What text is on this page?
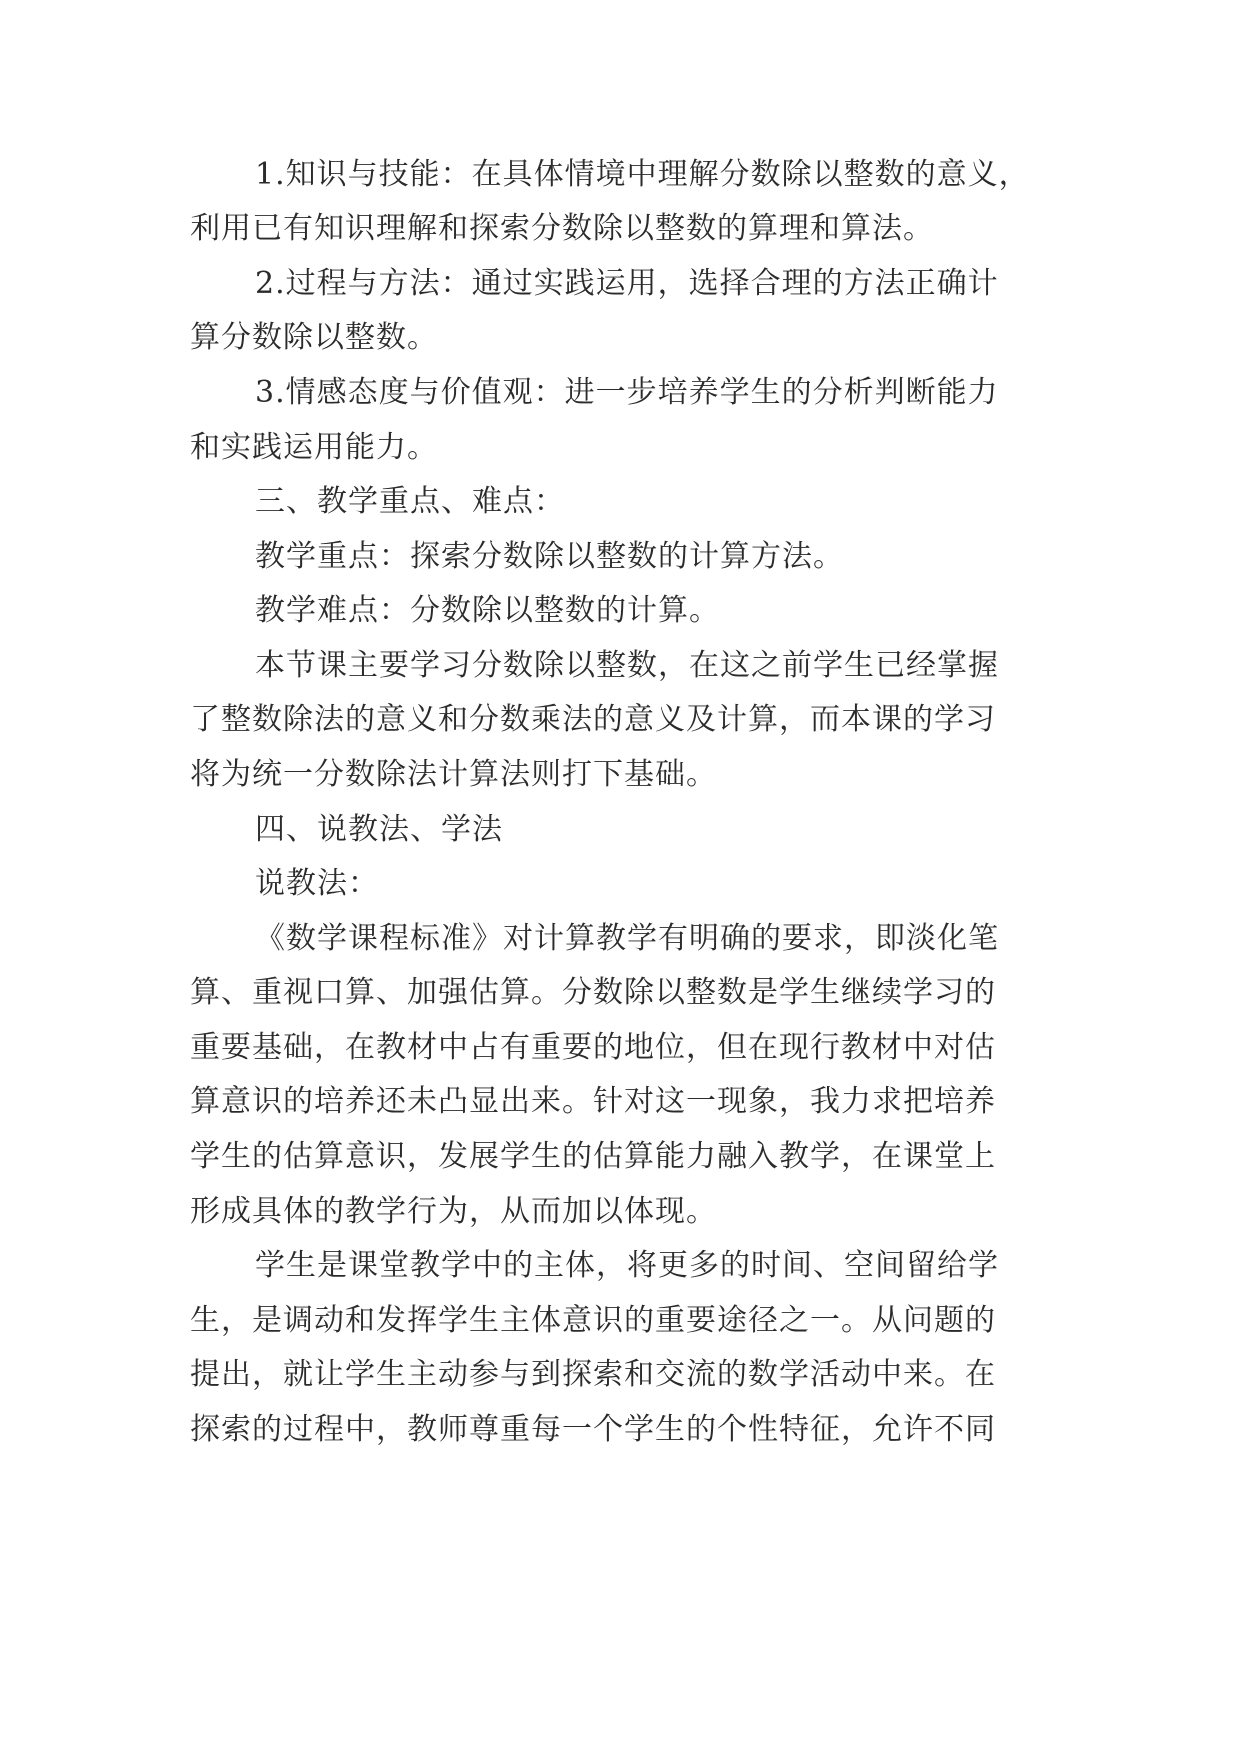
1.知识与技能：在具体情境中理解分数除以整数的意义，

利用已有知识理解和探索分数除以整数的算理和算法。

2.过程与方法：通过实践运用，选择合理的方法正确计

算分数除以整数。

3.情感态度与价值观：进一步培养学生的分析判断能力

和实践运用能力。

三、教学重点、难点：

教学重点：探索分数除以整数的计算方法。

教学难点：分数除以整数的计算。

本节课主要学习分数除以整数，在这之前学生已经掌握

了整数除法的意义和分数乘法的意义及计算，而本课的学习

将为统一分数除法计算法则打下基础。

四、说教法、学法

说教法：

《数学课程标准》对计算教学有明确的要求，即淡化笔

算、重视口算、加强估算。分数除以整数是学生继续学习的

重要基础，在教材中占有重要的地位，但在现行教材中对估

算意识的培养还未凸显出来。针对这一现象，我力求把培养

学生的估算意识，发展学生的估算能力融入教学，在课堂上

形成具体的教学行为，从而加以体现。

学生是课堂教学中的主体，将更多的时间、空间留给学

生，是调动和发挥学生主体意识的重要途径之一。从问题的

提出，就让学生主动参与到探索和交流的数学活动中来。在

探索的过程中，教师尊重每一个学生的个性特征，允许不同
